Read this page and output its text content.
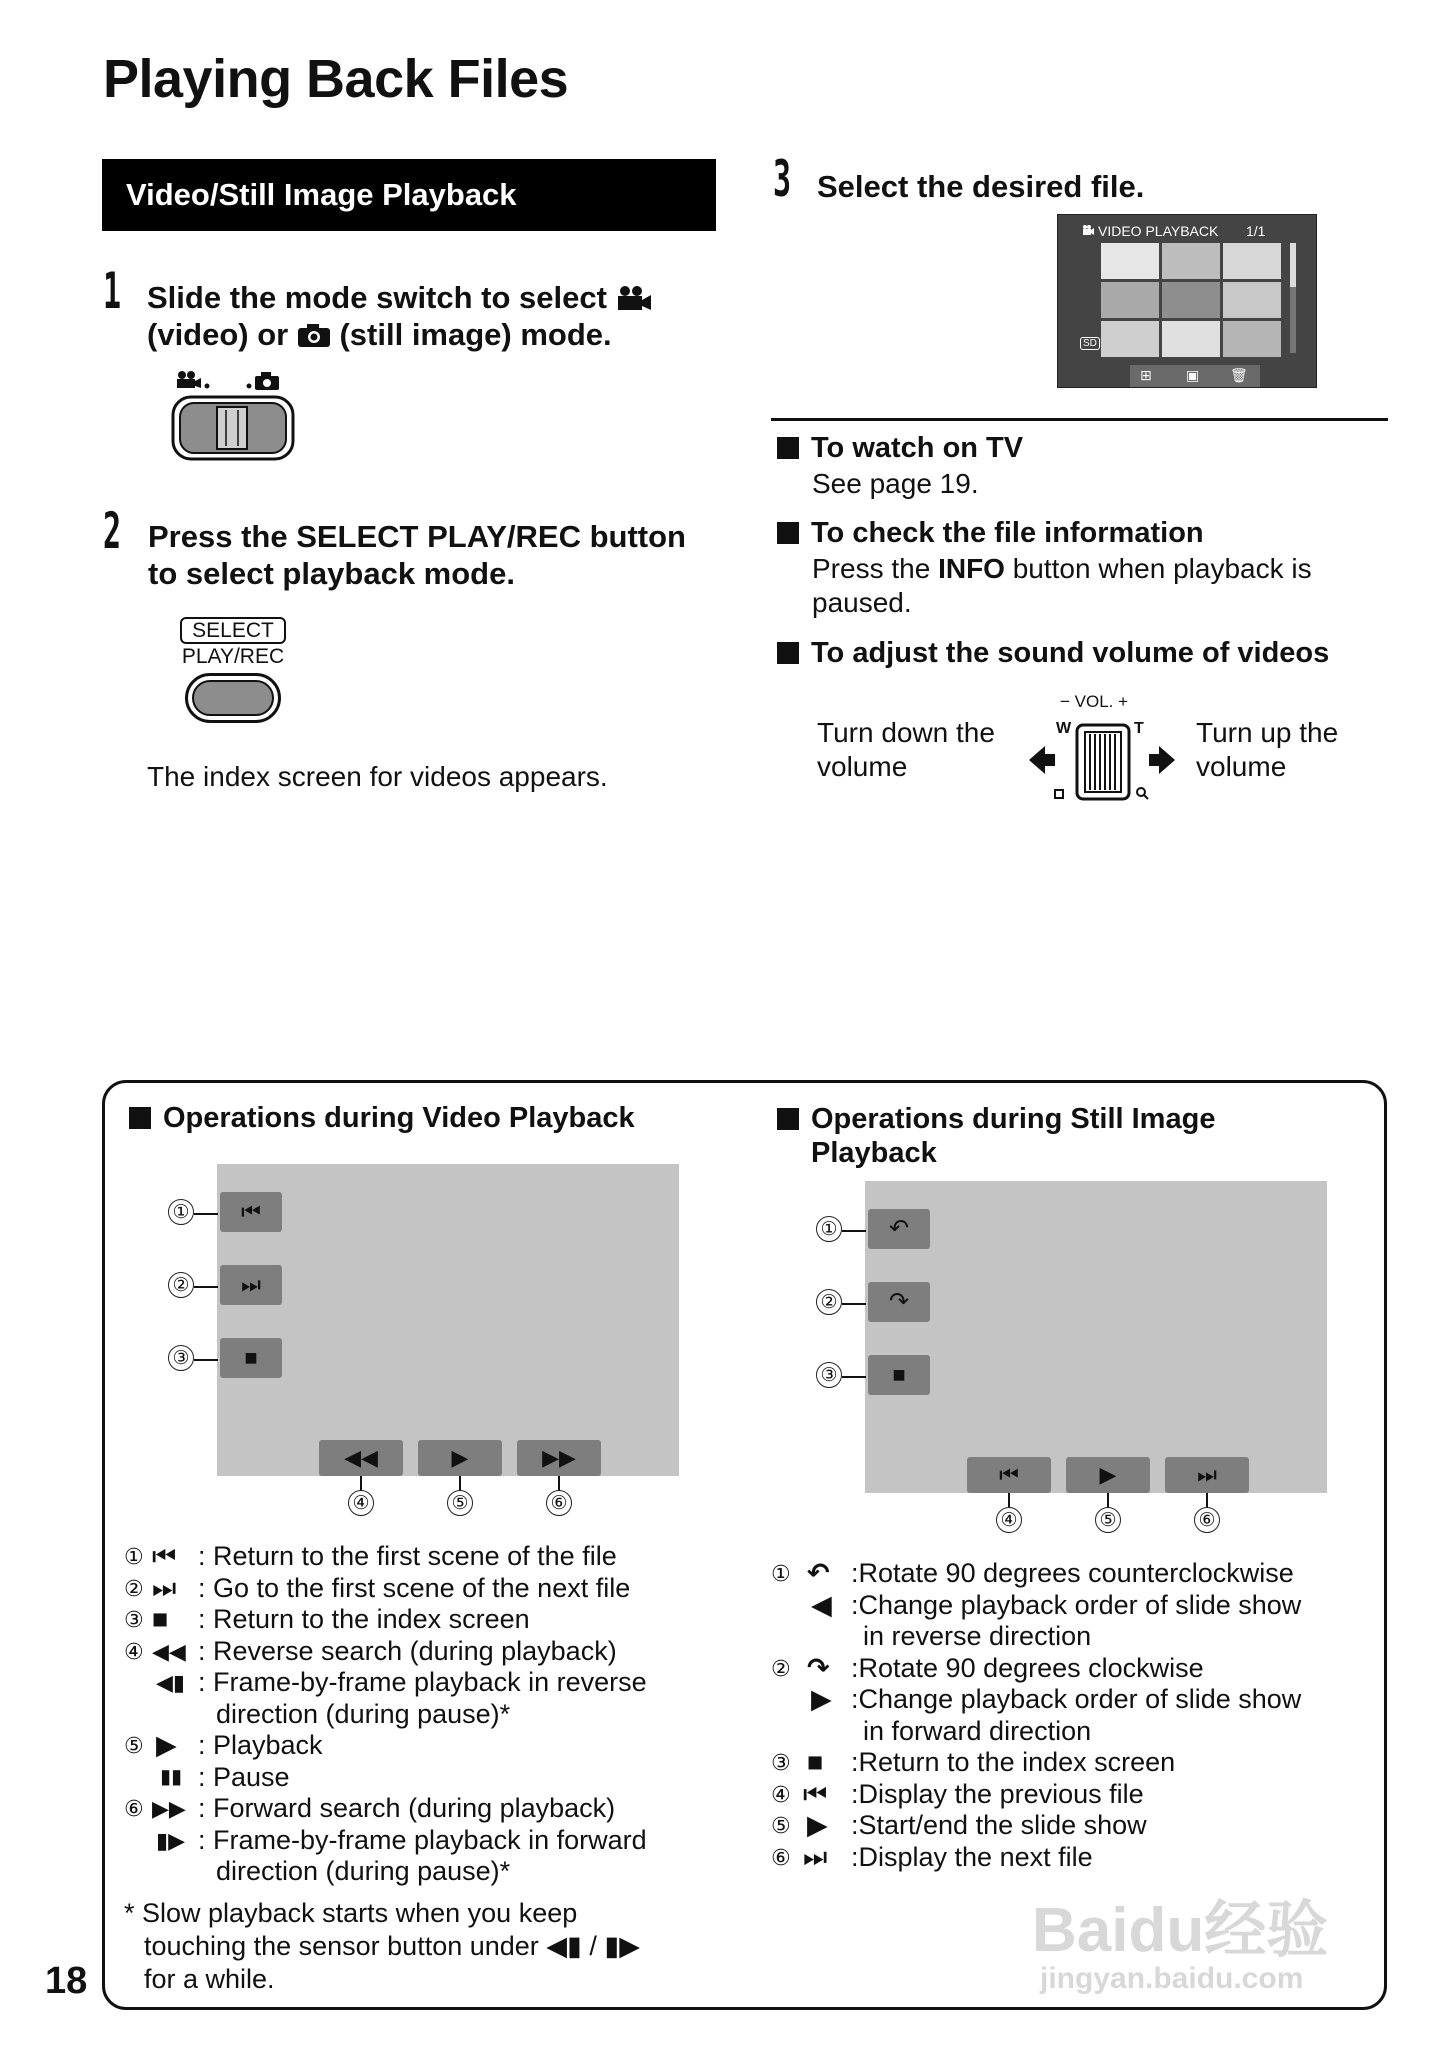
Playing Back Files
Video/Still Image Playback
1 Slide the mode switch to select
(video) or (still image) mode.
2 Press the SELECT PLAY/REC button
to select playback mode.
SELECT
PLAY/REC
The index screen for videos appears.
3 Select the desired file.
VIDEO PLAYBACK 1/1
SD
⊞ ▣ 🗑
To watch on TV
See page 19.
To check the file information
Press the INFO button when playback is
paused.
To adjust the sound volume of videos
Turn down the
volume
Turn up the
volume
− VOL. +
W	T
Operations during Video Playback
⏮
⏭
■
◀◀	▶	▶▶
①
②
③
④	⑤	⑥
① ⏮ : Return to the first scene of the file
② ⏭ : Go to the first scene of the next file
③ ■ : Return to the index screen
④ ◀◀ : Reverse search (during playback)
◀▮ : Frame-by-frame playback in reverse
direction (during pause)*
⑤ ▶ : Playback
▮▮ : Pause
⑥ ▶▶ : Forward search (during playback)
▮▶ : Frame-by-frame playback in forward
direction (during pause)*
* Slow playback starts when you keep
touching the sensor button under ◀▮ / ▮▶
for a while.
Operations during Still Image
Playback
↶
↷
■
⏮	▶	⏭
①
②
③
④	⑤	⑥
① ↶ :Rotate 90 degrees counterclockwise
◀ :Change playback order of slide show
in reverse direction
② ↷ :Rotate 90 degrees clockwise
▶ :Change playback order of slide show
in forward direction
③ ■ :Return to the index screen
④ ⏮ :Display the previous file
⑤ ▶ :Start/end the slide show
⑥ ⏭ :Display the next file
18
Baidu经验
jingyan.baidu.com
